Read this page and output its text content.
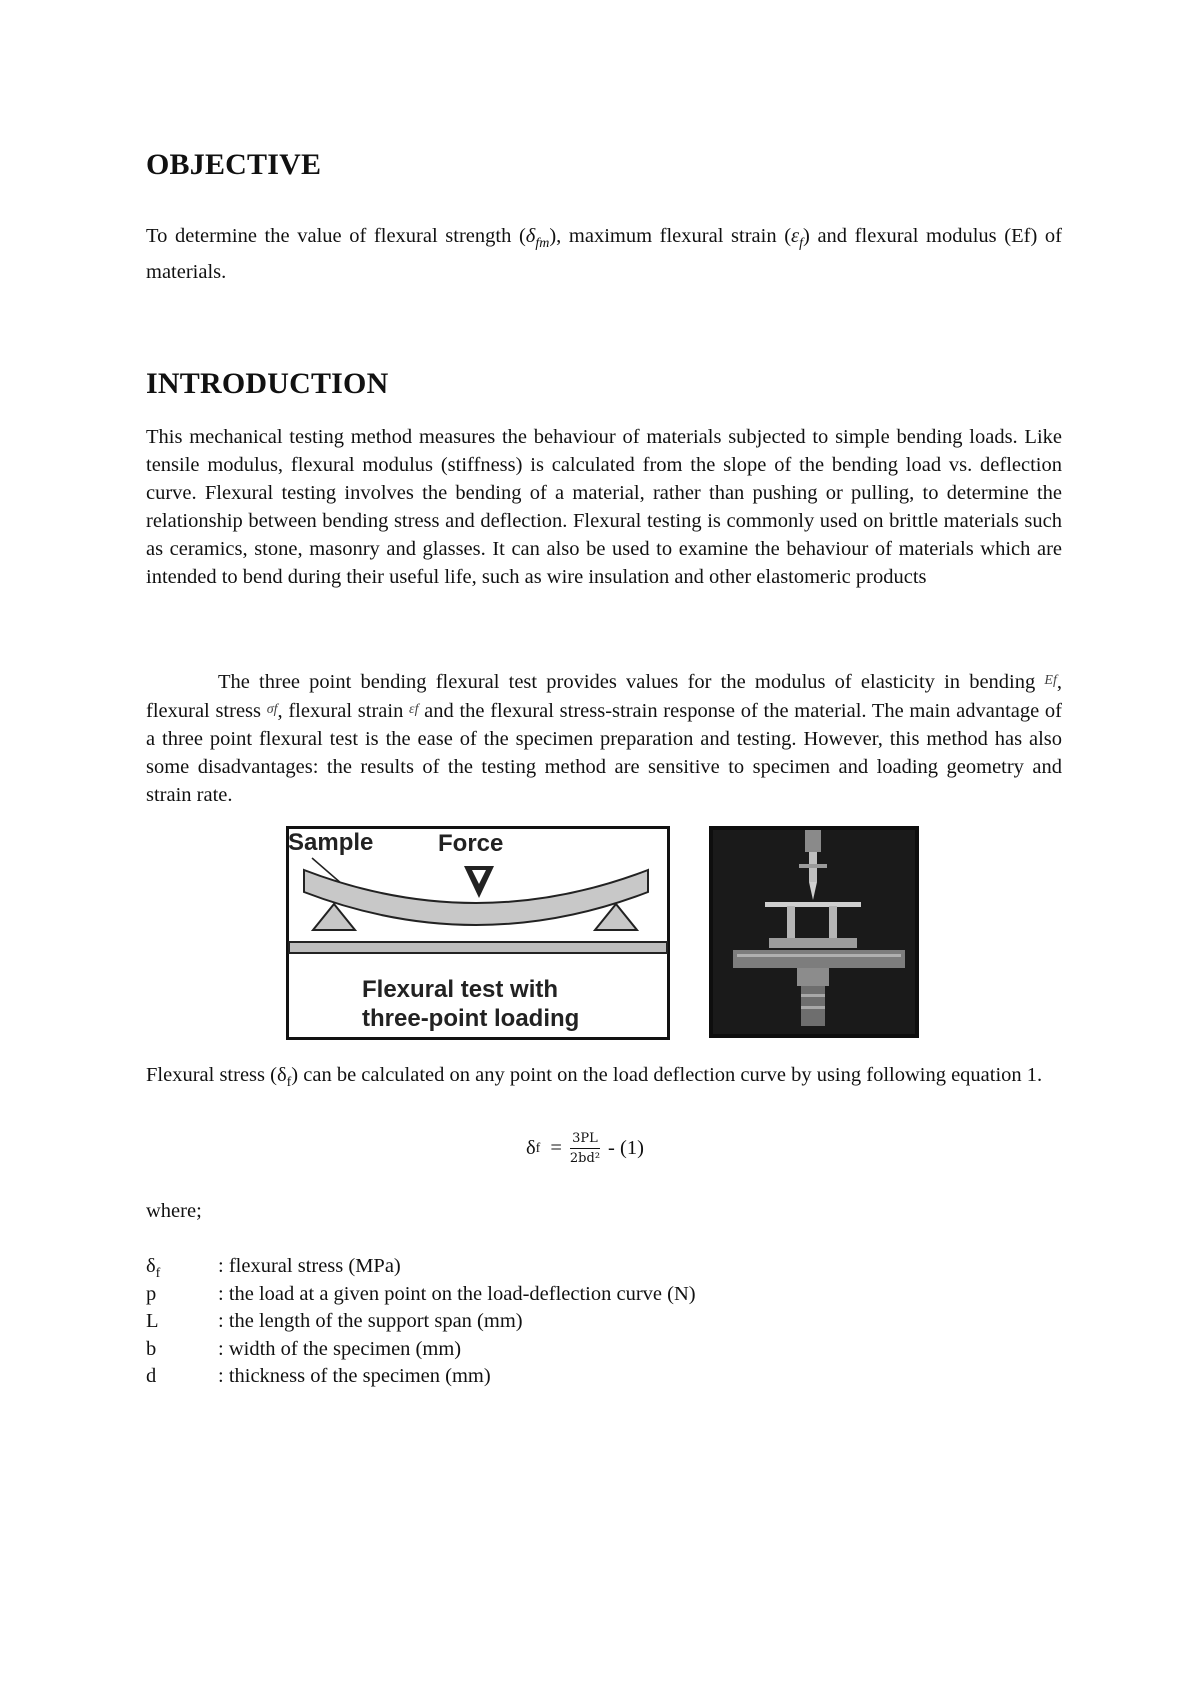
OBJECTIVE

To determine the value of flexural strength $(\delta_{fm})$, maximum flexural strain $(\varepsilon_f)$ and flexural modulus (Ef) of materials.

INTRODUCTION

This mechanical testing method measures the behaviour of materials subjected to simple bending loads. Like tensile modulus, flexural modulus (stiffness) is calculated from the slope of the bending load vs. deflection curve. Flexural testing involves the bending of a material, rather than pushing or pulling, to determine the relationship between bending stress and deflection. Flexural testing is commonly used on brittle materials such as ceramics, stone, masonry and glasses. It can also be used to examine the behaviour of materials which are intended to bend during their useful life, such as wire insulation and other elastomeric products

The three point bending flexural test provides values for the modulus of elasticity in bending Ef, flexural stress σf, flexural strain εf and the flexural stress-strain response of the material. The main advantage of a three point flexural test is the ease of the specimen preparation and testing. However, this method has also some disadvantages: the results of the testing method are sensitive to specimen and loading geometry and strain rate.

Sample	Force
Flexural test with
three-point loading

Flexural stress $(\delta_f)$ can be calculated on any point on the load deflection curve by using following equation 1.

δ $f = \frac{3PL}{\text{2bd²}} - (1)$
where;
$\delta_f$	: flexural stress (MPa)
p	: the load at a given point on the load-deflection curve (N)
L	: the length of the support span (mm)
b	: width of the specimen (mm)
d	: thickness of the specimen (mm)
